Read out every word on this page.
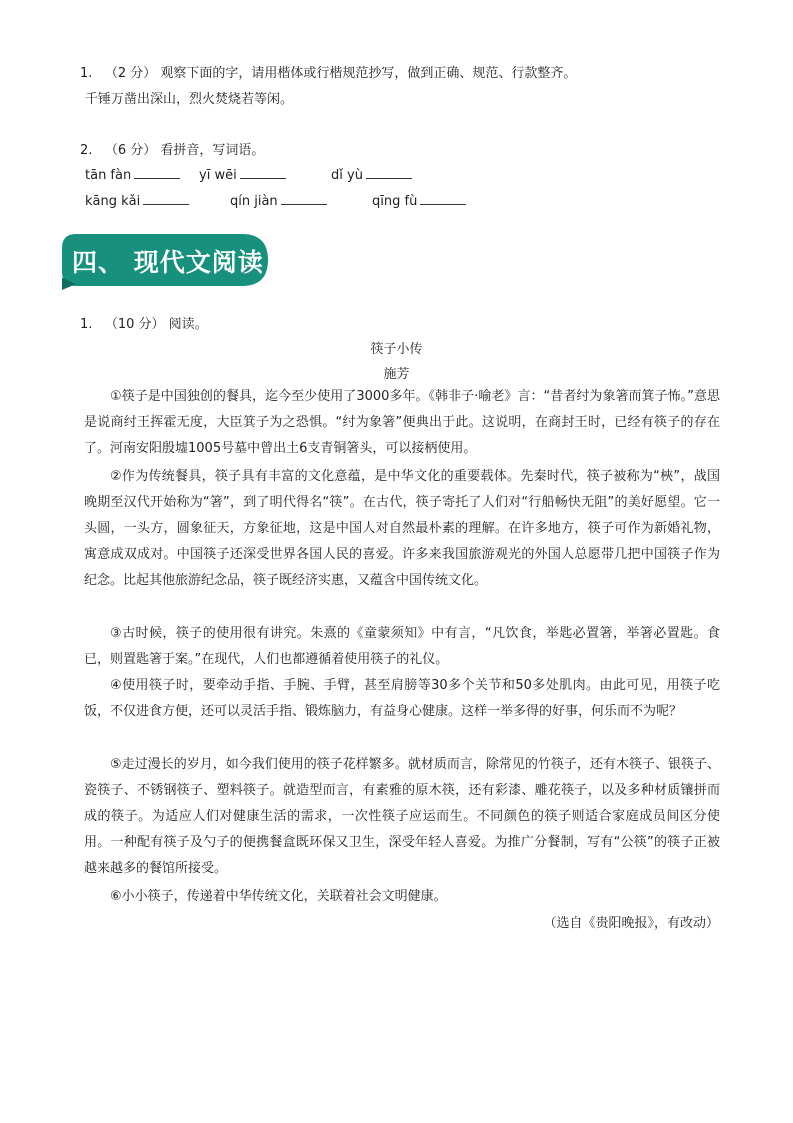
1. （2 分） 观察下面的字，请用楷体或行楷规范抄写，做到正确、规范、行款整齐。
千锤万凿出深山，烈火焚烧若等闲。
2. （6 分） 看拼音，写词语。
tān fàn	yī wēi	dǐ yù
kāng kǎi	qín jiàn	qīng fù
四、 现代文阅读
1. （10 分） 阅读。
筷子小传
施芳
①筷子是中国独创的餐具，迄今至少使用了3000多年。《韩非子·喻老》言：“昔者纣为象箸而箕子怖。”意思是说商纣王挥霍无度，大臣箕子为之恐惧。“纣为象箸”便典出于此。这说明，在商封王时，已经有筷子的存在了。河南安阳殷墟1005号墓中曾出土6支青铜箸头，可以接柄使用。
②作为传统餐具，筷子具有丰富的文化意蕴，是中华文化的重要载体。先秦时代，筷子被称为“梜”，战国晚期至汉代开始称为“箸”，到了明代得名“筷”。在古代，筷子寄托了人们对“行船畅快无阻”的美好愿望。它一头圆，一头方，圆象征天，方象征地，这是中国人对自然最朴素的理解。在许多地方，筷子可作为新婚礼物，寓意成双成对。中国筷子还深受世界各国人民的喜爱。许多来我国旅游观光的外国人总愿带几把中国筷子作为纪念。比起其他旅游纪念品，筷子既经济实惠，又蕴含中国传统文化。
③古时候，筷子的使用很有讲究。朱熹的《童蒙须知》中有言，“凡饮食，举匙必置箸，举箸必置匙。食已，则置匙箸于案。”在现代，人们也都遵循着使用筷子的礼仪。
④使用筷子时，要牵动手指、手腕、手臂，甚至肩膀等30多个关节和50多处肌肉。由此可见，用筷子吃饭，不仅进食方便，还可以灵活手指、锻炼脑力，有益身心健康。这样一举多得的好事，何乐而不为呢？
⑤走过漫长的岁月，如今我们使用的筷子花样繁多。就材质而言，除常见的竹筷子，还有木筷子、银筷子、瓷筷子、不锈钢筷子、塑料筷子。就造型而言，有素雅的原木筷，还有彩漆、雕花筷子，以及多种材质镶拼而成的筷子。为适应人们对健康生活的需求，一次性筷子应运而生。不同颜色的筷子则适合家庭成员间区分使用。一种配有筷子及勺子的便携餐盒既环保又卫生，深受年轻人喜爱。为推广分餐制，写有“公筷”的筷子正被越来越多的餐馆所接受。
⑥小小筷子，传递着中华传统文化，关联着社会文明健康。
（选自《贵阳晚报》，有改动）
